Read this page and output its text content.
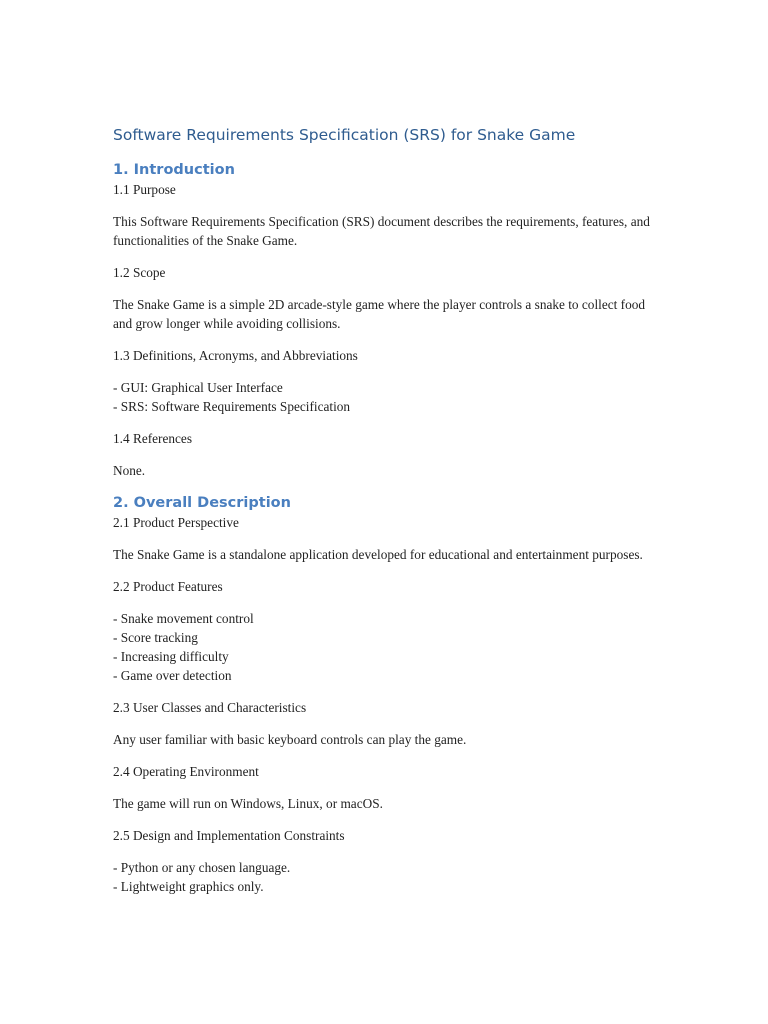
Software Requirements Specification (SRS) for Snake Game
1. Introduction

1.1 Purpose

This Software Requirements Specification (SRS) document describes the requirements, features, and functionalities of the Snake Game.

1.2 Scope

The Snake Game is a simple 2D arcade-style game where the player controls a snake to collect food and grow longer while avoiding collisions.

1.3 Definitions, Acronyms, and Abbreviations

- GUI: Graphical User Interface

- SRS: Software Requirements Specification

1.4 References

None.

2. Overall Description

2.1 Product Perspective

The Snake Game is a standalone application developed for educational and entertainment purposes.

2.2 Product Features

- Snake movement control

- Score tracking

- Increasing difficulty

- Game over detection

2.3 User Classes and Characteristics

Any user familiar with basic keyboard controls can play the game.

2.4 Operating Environment

The game will run on Windows, Linux, or macOS.

2.5 Design and Implementation Constraints

- Python or any chosen language.

- Lightweight graphics only.
